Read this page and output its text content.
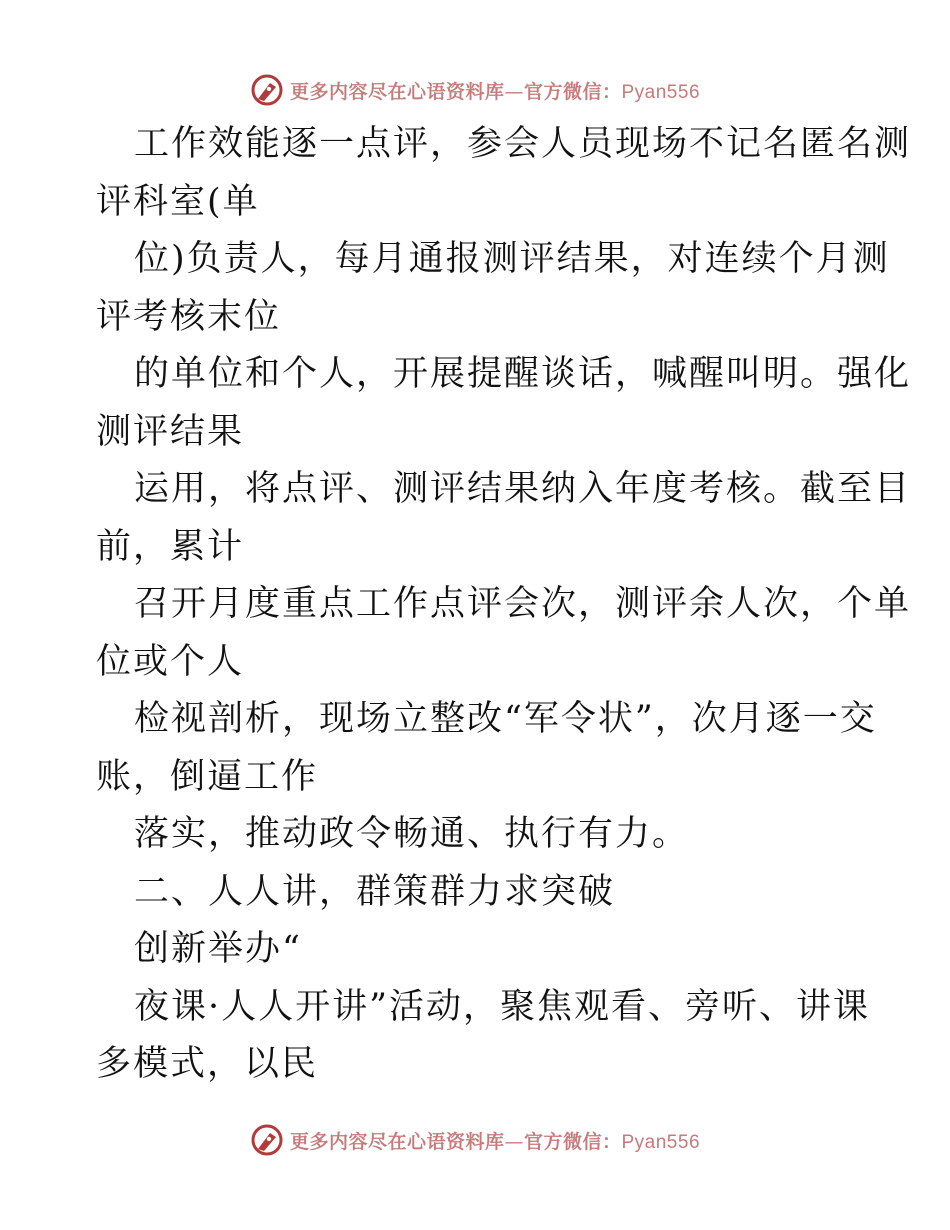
更多内容尽在心语资料库—官方微信：Pyan556
工作效能逐一点评，参会人员现场不记名匿名测
评科室(单
位)负责人，每月通报测评结果，对连续个月测
评考核末位
的单位和个人，开展提醒谈话，喊醒叫明。强化
测评结果
运用，将点评、测评结果纳入年度考核。截至目
前，累计
召开月度重点工作点评会次，测评余人次，个单
位或个人
检视剖析，现场立整改“军令状”，次月逐一交
账，倒逼工作
落实，推动政令畅通、执行有力。
二、人人讲，群策群力求突破
创新举办“
夜课·人人开讲”活动，聚焦观看、旁听、讲课
多模式，以民
更多内容尽在心语资料库—官方微信：Pyan556
